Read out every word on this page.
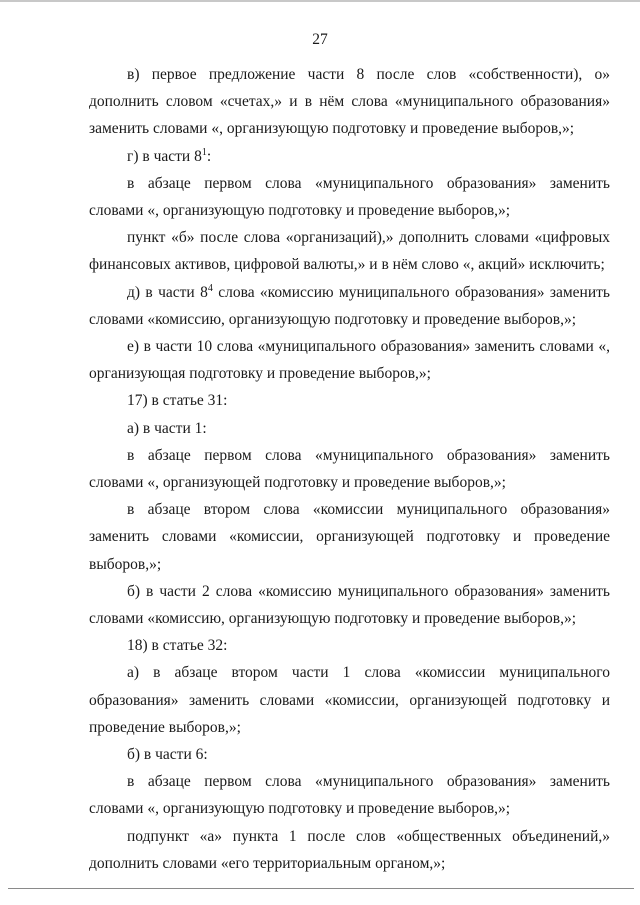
27

в) первое предложение части 8 после слов «собственности), о» дополнить словом «счетах,» и в нём слова «муниципального образования» заменить словами «, организующую подготовку и проведение выборов,»;

г) в части $8^1$:

в абзаце первом слова «муниципального образования» заменить словами «, организующую подготовку и проведение выборов,»;

пункт «б» после слова «организаций),» дополнить словами «цифровых финансовых активов, цифровой валюты,» и в нём слово «, акций» исключить;

д) в части $8^4$ слова «комиссию муниципального образования» заменить словами «комиссию, организующую подготовку и проведение выборов,»;

е) в части 10 слова «муниципального образования» заменить словами «, организующая подготовку и проведение выборов,»;

17) в статье 31:

а) в части 1:

в абзаце первом слова «муниципального образования» заменить словами «, организующей подготовку и проведение выборов,»;

в абзаце втором слова «комиссии муниципального образования» заменить словами «комиссии, организующей подготовку и проведение выборов,»;

б) в части 2 слова «комиссию муниципального образования» заменить словами «комиссию, организующую подготовку и проведение выборов,»;

18) в статье 32:

а) в абзаце втором части 1 слова «комиссии муниципального образования» заменить словами «комиссии, организующей подготовку и проведение выборов,»;

б) в части 6:

в абзаце первом слова «муниципального образования» заменить словами «, организующую подготовку и проведение выборов,»;

подпункт «а» пункта 1 после слов «общественных объединений,» дополнить словами «его территориальным органом,»;
